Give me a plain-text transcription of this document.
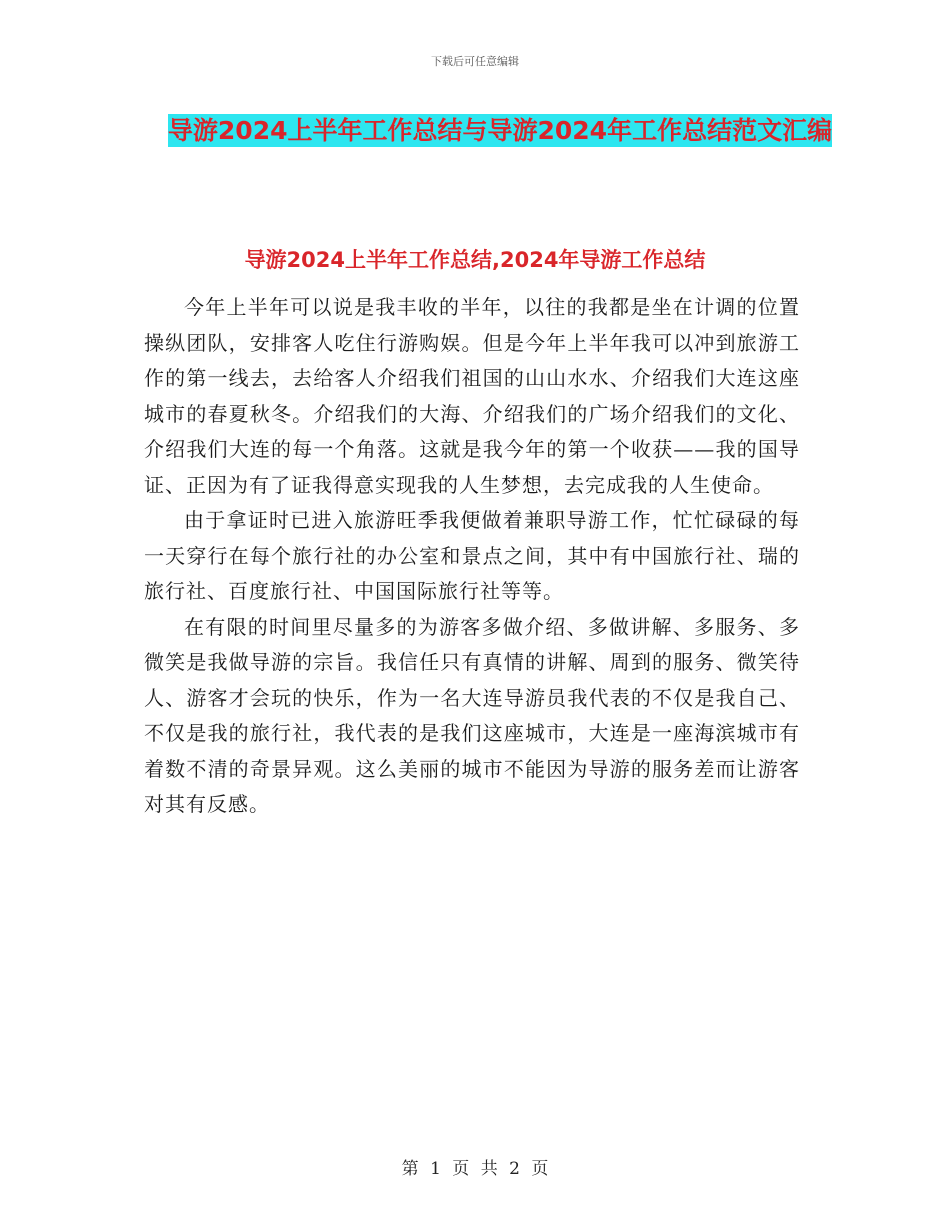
下载后可任意编辑
导游2024上半年工作总结与导游2024年工作总结范文汇编
导游2024上半年工作总结,2024年导游工作总结

今年上半年可以说是我丰收的半年，以往的我都是坐在计调的位置操纵团队，安排客人吃住行游购娱。但是今年上半年我可以冲到旅游工作的第一线去，去给客人介绍我们祖国的山山水水、介绍我们大连这座城市的春夏秋冬。介绍我们的大海、介绍我们的广场介绍我们的文化、介绍我们大连的每一个角落。这就是我今年的第一个收获——我的国导证、正因为有了证我得意实现我的人生梦想，去完成我的人生使命。

由于拿证时已进入旅游旺季我便做着兼职导游工作，忙忙碌碌的每一天穿行在每个旅行社的办公室和景点之间，其中有中国旅行社、瑞的旅行社、百度旅行社、中国国际旅行社等等。

在有限的时间里尽量多的为游客多做介绍、多做讲解、多服务、多微笑是我做导游的宗旨。我信任只有真情的讲解、周到的服务、微笑待人、游客才会玩的快乐，作为一名大连导游员我代表的不仅是我自己、不仅是我的旅行社，我代表的是我们这座城市，大连是一座海滨城市有着数不清的奇景异观。这么美丽的城市不能因为导游的服务差而让游客对其有反感。

第 1 页 共 2 页
